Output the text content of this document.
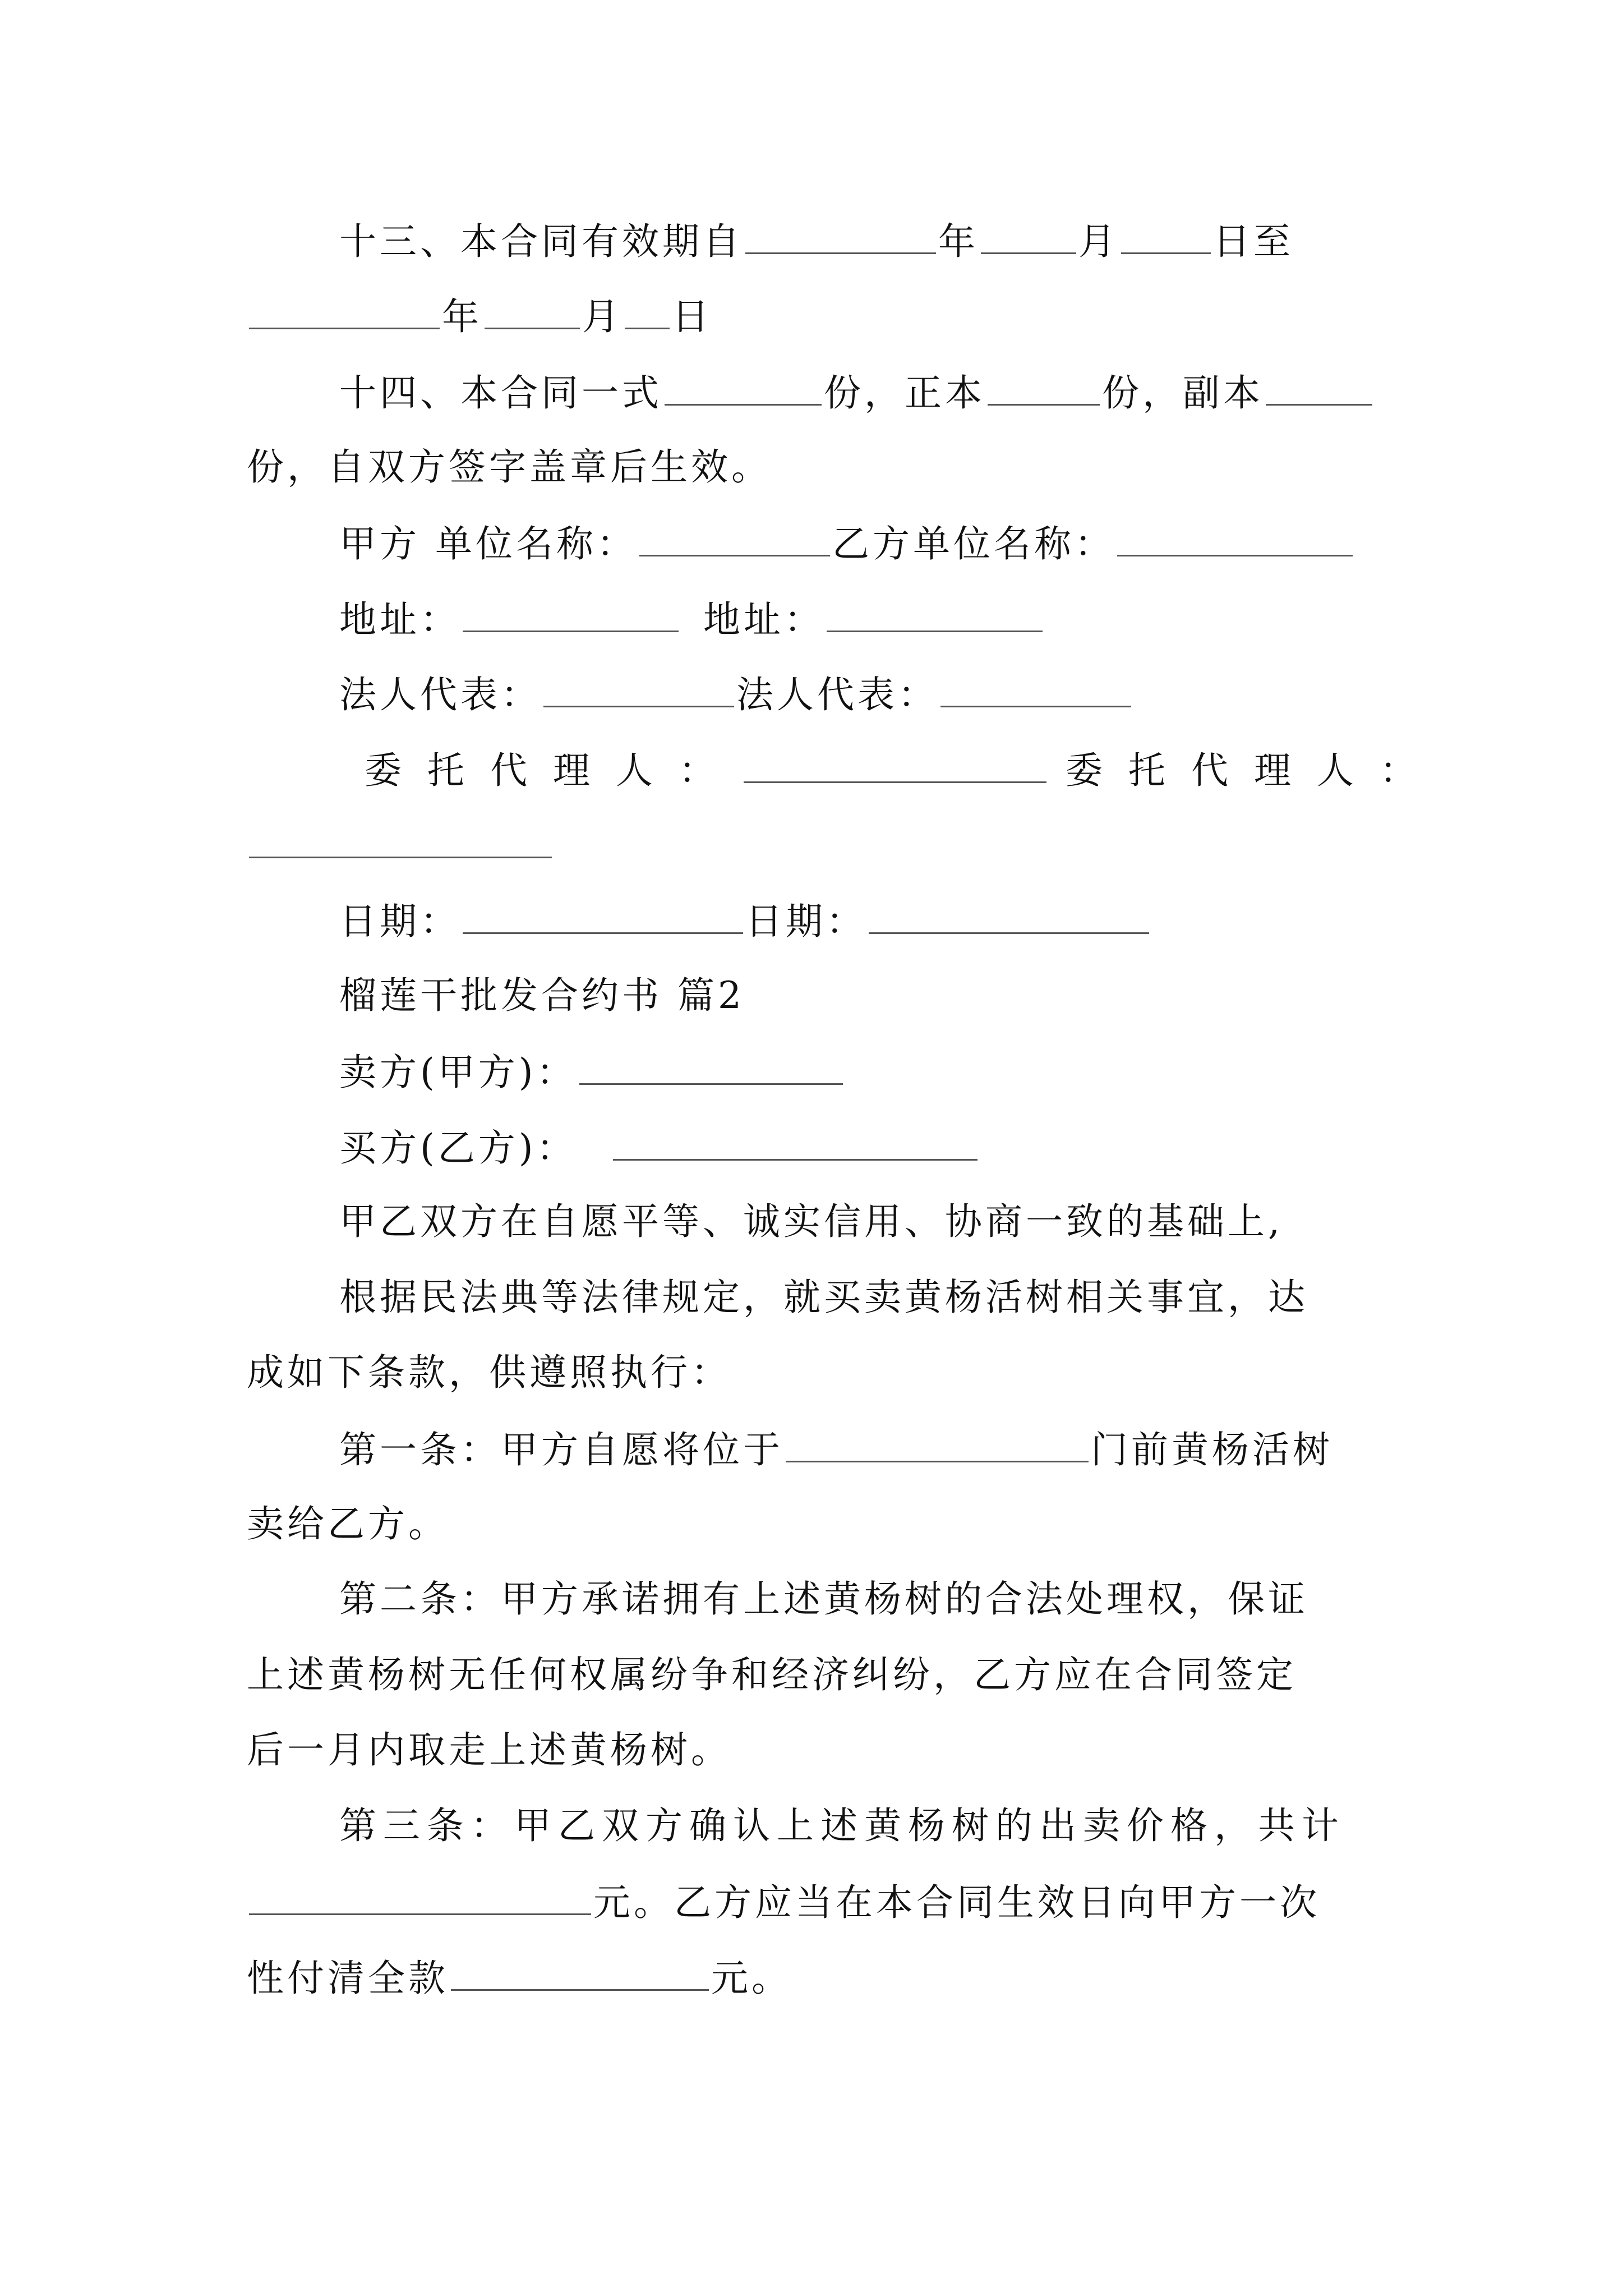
十三、本合同有效期自	年	月	日至
年	月 日
十四、本合同一式	份，正本	份，副本
份，自双方签字盖章后生效。
甲方 单位名称：	乙方单位名称：
地址：	地址：
法人代表：	法人代表：
委托代理人：	委托代理人：
日期：	日期：
榴莲干批发合约书 篇2
卖方(甲方)：
买方(乙方)：
甲乙双方在自愿平等、诚实信用、协商一致的基础上,
根据民法典等法律规定，就买卖黄杨活树相关事宜，达
成如下条款，供遵照执行：
第一条：甲方自愿将位于	门前黄杨活树
卖给乙方。
第二条：甲方承诺拥有上述黄杨树的合法处理权，保证
上述黄杨树无任何权属纷争和经济纠纷，乙方应在合同签定
后一月内取走上述黄杨树。
第三条：甲乙双方确认上述黄杨树的出卖价格，共计
元。乙方应当在本合同生效日向甲方一次
性付清全款	元。
